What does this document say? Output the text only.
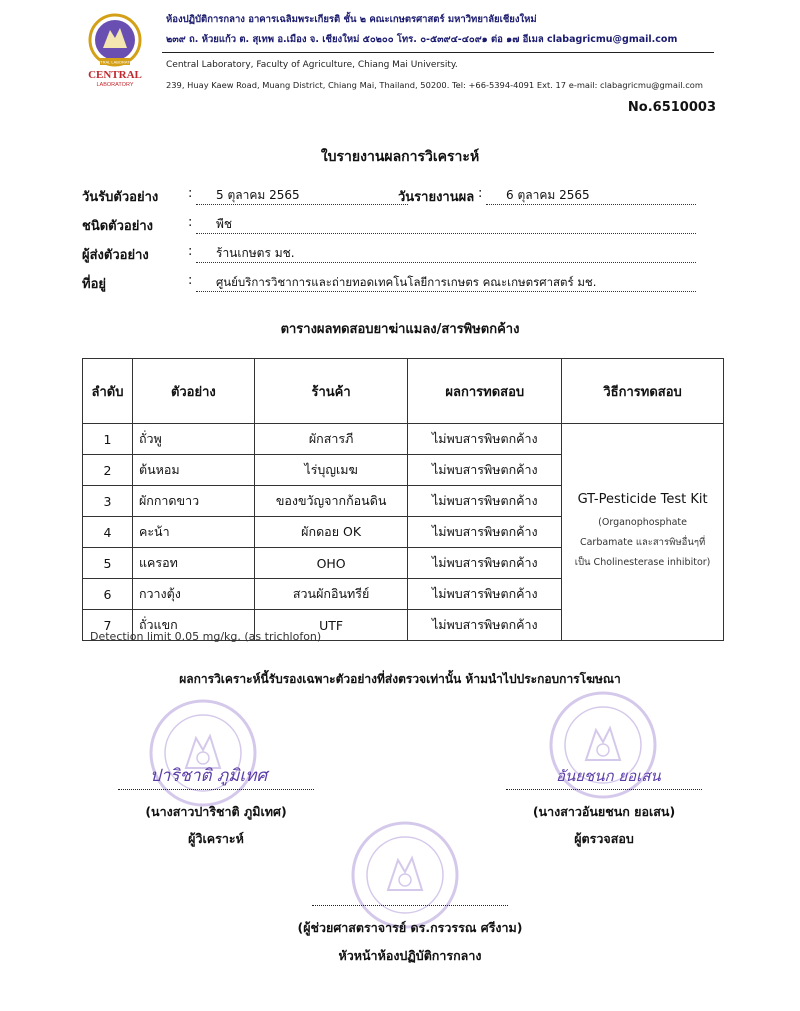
CENTRAL LABORATORY
CENTRAL
LABORATORY
ห้องปฏิบัติการกลาง อาคารเฉลิมพระเกียรติ ชั้น ๒ คณะเกษตรศาสตร์ มหาวิทยาลัยเชียงใหม่
๒๓๙ ถ. ห้วยแก้ว ต. สุเทพ อ.เมือง จ. เชียงใหม่ ๕๐๒๐๐ โทร. ๐-๕๓๙๔-๔๐๙๑ ต่อ ๑๗ อีเมล clabagricmu@gmail.com
Central Laboratory, Faculty of Agriculture, Chiang Mai University.
239, Huay Kaew Road, Muang District, Chiang Mai, Thailand, 50200. Tel: +66-5394-4091 Ext. 17 e-mail: clabagricmu@gmail.com
No.6510003
ใบรายงานผลการวิเคราะห์
วันรับตัวอย่าง :	5 ตุลาคม 2565	วันรายงานผล :	6 ตุลาคม 2565
ชนิดตัวอย่าง	:	พืช
ผู้ส่งตัวอย่าง	:	ร้านเกษตร มช.
ที่อยู่	:	ศูนย์บริการวิชาการและถ่ายทอดเทคโนโลยีการเกษตร คณะเกษตรศาสตร์ มช.
ตารางผลทดสอบยาฆ่าแมลง/สารพิษตกค้าง
ลำดับ	ตัวอย่าง	ร้านค้า	ผลการทดสอบ	วิธีการทดสอบ
1	ถั่วพู	ผักสารภี	ไม่พบสารพิษตกค้าง	GT-Pesticide Test Kit
(Organophosphate
Carbamate และสารพิษอื่นๆที่
เป็น Cholinesterase inhibitor)

2	ต้นหอม	ไร่บุญเมฆ	ไม่พบสารพิษตกค้าง	
3	ผักกาดขาว	ของขวัญจากก้อนดิน	ไม่พบสารพิษตกค้าง	
4	คะน้า	ผักดอย OK	ไม่พบสารพิษตกค้าง	
5	แครอท	OHO	ไม่พบสารพิษตกค้าง	
6	กวางตุ้ง	สวนผักอินทรีย์	ไม่พบสารพิษตกค้าง	
7	ถั่วแขก	UTF	ไม่พบสารพิษตกค้าง	
Detection limit 0.05 mg/kg. (as trichlofon)
ผลการวิเคราะห์นี้รับรองเฉพาะตัวอย่างที่ส่งตรวจเท่านั้น ห้ามนำไปประกอบการโฆษณา
ปาริชาติ ภูมิเทศ
(นางสาวปาริชาติ ภูมิเทศ)
ผู้วิเคราะห์
อันยชนก ยอเสน
(นางสาวอันยชนก ยอเสน)
ผู้ตรวจสอบ
(ผู้ช่วยศาสตราจารย์ ดร.กรวรรณ ศรีงาม)
หัวหน้าห้องปฏิบัติการกลาง
